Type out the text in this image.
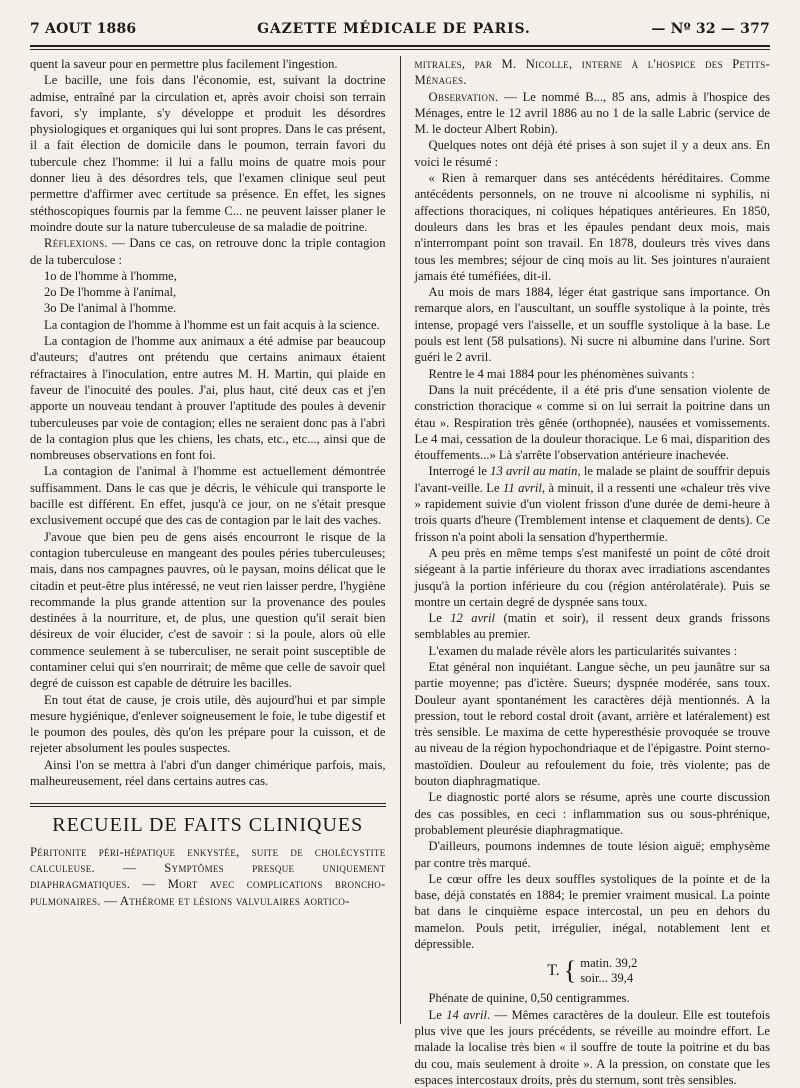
7 AOUT 1886	GAZETTE MÉDICALE DE PARIS.	— Nº 32 — 377

quent la saveur pour en permettre plus facilement l'ingestion.

Le bacille, une fois dans l'économie, est, suivant la doctrine admise, entraîné par la circulation et, après avoir choisi son terrain favori, s'y implante, s'y développe et produit les désordres physiologiques et organiques qui lui sont propres. Dans le cas présent, il a fait élection de domicile dans le poumon, terrain favori du tubercule chez l'homme: il lui a fallu moins de quatre mois pour donner lieu à des désordres tels, que l'examen clinique seul peut permettre d'affirmer avec certitude sa présence. En effet, les signes stéthoscopiques fournis par la femme C... ne peuvent laisser planer le moindre doute sur la nature tuberculeuse de sa maladie de poitrine.

Réflexions. — Dans ce cas, on retrouve donc la triple contagion de la tuberculose :

1o de l'homme à l'homme,

2o De l'homme à l'animal,

3o De l'animal à l'homme.

La contagion de l'homme à l'homme est un fait acquis à la science.

La contagion de l'homme aux animaux a été admise par beaucoup d'auteurs; d'autres ont prétendu que certains animaux étaient réfractaires à l'inoculation, entre autres M. H. Martin, qui plaide en faveur de l'inocuité des poules. J'ai, plus haut, cité deux cas et j'en apporte un nouveau tendant à prouver l'aptitude des poules à devenir tuberculeuses par voie de contagion; elles ne seraient donc pas à l'abri de la contagion plus que les chiens, les chats, etc., etc..., ainsi que de nombreuses observations en font foi.

La contagion de l'animal à l'homme est actuellement démontrée suffisamment. Dans le cas que je décris, le véhicule qui transporte le bacille est différent. En effet, jusqu'à ce jour, on ne s'était presque exclusivement occupé que des cas de contagion par le lait des vaches.

J'avoue que bien peu de gens aisés encourront le risque de la contagion tuberculeuse en mangeant des poules péries tuberculeuses; mais, dans nos campagnes pauvres, où le paysan, moins délicat que le citadin et peut-être plus intéressé, ne veut rien laisser perdre, l'hygiène recommande la plus grande attention sur la provenance des poules destinées à la nourriture, et, de plus, une question qu'il serait bien désireux de voir élucider, c'est de savoir : si la poule, alors où elle commence seulement à se tuberculiser, ne serait point susceptible de contaminer celui qui s'en nourrirait; de même que celle de savoir quel degré de cuisson est capable de détruire les bacilles.

En tout état de cause, je crois utile, dès aujourd'hui et par simple mesure hygiénique, d'enlever soigneusement le foie, le tube digestif et le poumon des poules, dès qu'on les prépare pour la cuisson, et de rejeter absolument les poules suspectes.

Ainsi l'on se mettra à l'abri d'un danger chimérique parfois, mais, malheureusement, réel dans certains autres cas.

RECUEIL DE FAITS CLINIQUES

Péritonite péri-hépatique enkystée, suite de cholécystite calculeuse. — Symptômes presque uniquement diaphragmatiques. — Mort avec complications broncho-pulmonaires. — Athérome et lésions valvulaires aortico-

mitrales, par M. Nicolle, interne à l'hospice des Petits-Ménages.

Observation. — Le nommé B..., 85 ans, admis à l'hospice des Ménages, entre le 12 avril 1886 au no 1 de la salle Labric (service de M. le docteur Albert Robin).

Quelques notes ont déjà été prises à son sujet il y a deux ans. En voici le résumé :

« Rien à remarquer dans ses antécédents héréditaires. Comme antécédents personnels, on ne trouve ni alcoolisme ni syphilis, ni affections thoraciques, ni coliques hépatiques antérieures. En 1850, douleurs dans les bras et les épaules pendant deux mois, mais n'interrompant point son travail. En 1878, douleurs très vives dans tous les membres; séjour de cinq mois au lit. Ses jointures n'auraient jamais été tuméfiées, dit-il.

Au mois de mars 1884, léger état gastrique sans importance. On remarque alors, en l'auscultant, un souffle systolique à la pointe, très intense, propagé vers l'aisselle, et un souffle systolique à la base. Le pouls est lent (58 pulsations). Ni sucre ni albumine dans l'urine. Sort guéri le 2 avril.

Rentre le 4 mai 1884 pour les phénomènes suivants :

Dans la nuit précédente, il a été pris d'une sensation violente de constriction thoracique « comme si on lui serrait la poitrine dans un étau ». Respiration très gênée (orthopnée), nausées et vomissements. Le 4 mai, cessation de la douleur thoracique. Le 6 mai, disparition des étouffements...» Là s'arrête l'observation antérieure inachevée.

Interrogé le 13 avril au matin, le malade se plaint de souffrir depuis l'avant-veille. Le 11 avril, à minuit, il a ressenti une «chaleur très vive » rapidement suivie d'un violent frisson d'une durée de demi-heure à trois quarts d'heure (Tremblement intense et claquement de dents). Ce frisson n'a point aboli la sensation d'hyperthermie.

A peu près en même temps s'est manifesté un point de côté droit siégeant à la partie inférieure du thorax avec irradiations ascendantes jusqu'à la portion inférieure du cou (région antérolatérale). Puis se montre un certain degré de dyspnée sans toux.

Le 12 avril (matin et soir), il ressent deux grands frissons semblables au premier.

L'examen du malade révèle alors les particularités suivantes :

Etat général non inquiétant. Langue sèche, un peu jaunâtre sur sa partie moyenne; pas d'ictère. Sueurs; dyspnée modérée, sans toux. Douleur ayant spontanément les caractères déjà mentionnés. A la pression, tout le rebord costal droit (avant, arrière et latéralement) est très sensible. Le maxima de cette hyperesthésie provoquée se trouve au niveau de la région hypochondriaque et de l'épigastre. Point sterno-mastoïdien. Douleur au refoulement du foie, très violente; pas de bouton diaphragmatique.

Le diagnostic porté alors se résume, après une courte discussion des cas possibles, en ceci : inflammation sus ou sous-phrénique, probablement pleurésie diaphragmatique.

D'ailleurs, poumons indemnes de toute lésion aiguë; emphysème par contre très marqué.

Le cœur offre les deux souffles systoliques de la pointe et de la base, déjà constatés en 1884; le premier vraiment musical. La pointe bat dans le cinquième espace intercostal, un peu en dehors du mamelon. Pouls petit, irrégulier, inégal, notablement lent et dépressible.

T. { matin. 39,2
soir... 39,4

Phénate de quinine, 0,50 centigrammes.

Le 14 avril. — Mêmes caractères de la douleur. Elle est toutefois plus vive que les jours précédents, se réveille au moindre effort. Le malade la localise très bien « il souffre de toute la poitrine et du bas du cou, mais seulement à droite ». A la pression, on constate que les espaces intercostaux droits, près du sternum, sont très sensibles.
